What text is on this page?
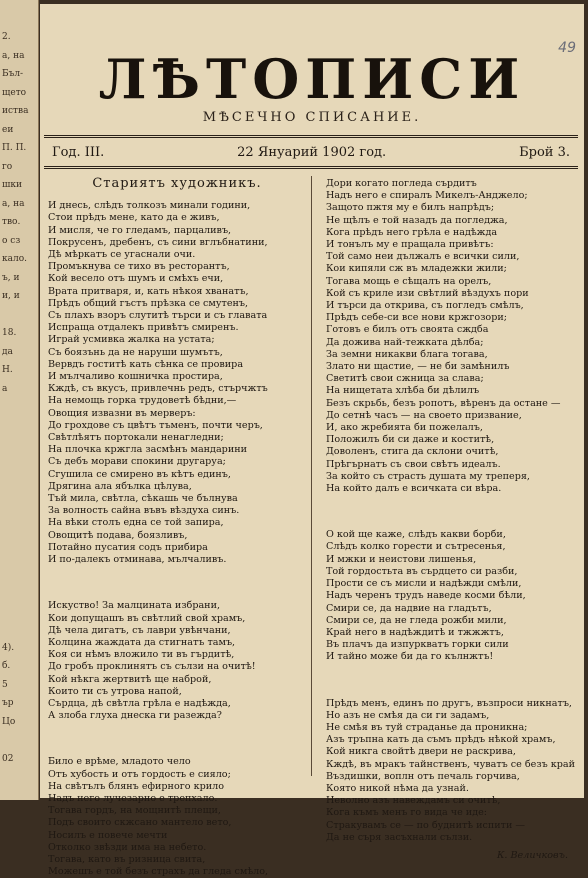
2.
а, на
Бъл-
щето
иства
еи
П. П.
го
шки
а, на
тво.
о сз
кало.
ъ, и
и, и
18.
да
Н.
а
4).
б.
5
ър
Цо
02
49
ЛѢТОПИСИ
МѢСЕЧНО СПИСАНИЕ.
Год. III.	22 Януарий 1902 год.	Брой 3.
Стариятъ художникъ.
И днесь, слѣдъ толкозъ минали години,
Стои прѣдъ мене, като да е живъ,
И мисля, че го гледамъ, парцаливъ,
Покрусенъ, дребенъ, съ сини вглъбнатини,
Дѣ мѣркатъ се угаснали очи.
Промъкнува се тихо въ ресторантъ,
Кой весело отъ шумъ и смѣхъ ечи,
Врата притваря, и, кать нѣкоя хванатъ,
Прѣдъ общий гъстъ прѣзка се смутенъ,
Съ плахъ взоръ слутитѣ търси и съ главата
Испраща отдалекъ привѣтъ смиренъ.
Играй усмивка жалка на устата;
Съ боязънь да не наруши шумътъ,
Вервдъ гоститѣ кать сѣнка се провира
И мълчаливо кошничка простира,
Кждѣ, съ вкусъ, привлечнь редъ, стърчжтъ
На немощь горка трудоветѣ бѣдни,—
Овощия извазни въ мерверъ:
До грохдове съ цвѣтъ тъменъ, почти черъ,
Свѣтлѣятъ портокали ненагледни;
На плочка кржгла засмѣнъ мандарини
Съ дебъ морави спокини другаруа;
Сгушила се смирено въ кѣтъ единъ,
Дрягина ала ябълка цѣлува,
Тъй мила, свѣтла, сѣкашь че бълнува
За волность сайна въвъ вѣздуха синъ.
На вѣки столъ една се той запира,
Овощитѣ подава, боязливъ,
Потайно пусатия содъ прибира
И по-далекъ отминава, мълчаливъ.
Искуство! За малцината избрани,
Кои допущашъ въ свѣтлий свой храмъ,
Дѣ чела дигатъ, съ лаври увѣнчани,
Колцина жаждата да стигнатъ тамъ,
Коя си нѣмъ вложило ти въ гърдитѣ,
До гробъ проклинятъ съ сълзи на очитѣ!
Кой нѣкга жертвитѣ ще наброй,
Които ти съ утрова напой,
Сърдца, дѣ свѣтла грѣла е надѣжда,
А злоба глуха днеска ги разежда?
Било е врѣме, младото чело
Отъ хубость и отъ гордость е сияло;
На свѣтълъ блянъ ефирного крило
Надъ него лучезарно е трепхало.
Тогава гордъ, на мощнитѣ плещи,
Подъ своито скжсано мантело вето,
Носилъ е повече мечти
Отколко звѣзди има на небето.
Тогава, като въ ризница свита,
Можешъ е той безъ страхъ да гледа смѣло,
Дори когато погледа сърдитъ
Надъ него е спиралъ Микелъ-Анджело;
Защото пжтя му е билъ напрѣдъ;
Не щѣлъ е той назадъ да погледжа,
Кога прѣдъ него грѣла е надѣжда
И тонълъ му е пращала привѣтъ:
Той само неи дължалъ е всички сили,
Кои кипяли сж въ младежки жили;
Тогава мощь е сѣщалъ на орелъ,
Кой съ криле изи свѣтлий вѣздухъ пори
И търси да открива, съ погледъ смѣлъ,
Прѣдъ себе-си все нови кржгозори;
Готовъ е билъ отъ своята сждба
Да дожива най-тежката дѣлба;
За земни никакви блага тогава,
Злато ни щастие, — не би замѣнилъ
Светитѣ свои сжница за слава;
На нищетата хлѣба би дѣлилъ
Безъ скрьбь, безъ ропотъ, вѣренъ да остане —
До сетнѣ часъ — на своето призвание,
И, ако жребията би пожелалъ,
Положилъ би си даже и коститѣ,
Доволенъ, стига да склони очитѣ,
Прѣгърнатъ съ свои свѣтъ идеалъ.
За който съ страсть душата му треперя,
На който далъ е всичката си вѣра.
О кой ще каже, слѣдъ какви борби,
Слѣдъ колко горести и сътресенья,
И мжки и неистови лишенья,
Той гордостьта въ сърдцето си разби,
Прости се съ мисли и надѣжди смѣли,
Надъ черенъ трудъ наведе косми бѣли,
Смири се, да надвие на гладътъ,
Смири се, да не гледа рожби мили,
Край него в надѣждитѣ и тжжжтъ,
Въ плачъ да изпуркватъ горки сили
И тайно може би да го кълнжтъ!
Прѣдъ менъ, единъ по другъ, възпроси никнатъ,
Но азъ не смѣя да си ги задамъ,
Не смѣя въ туй страданье да проникна;
Азъ тръпна кать да съмъ прѣдъ нѣкой храмъ,
Кой никга свойтѣ двери не раскрива,
Кждѣ, въ мракъ тайнственъ, чуватъ се безъ край
Въздишки, воплн отъ печаль горчива,
Която никой нѣма да узнай.
Неволно азъ навеждамъ си очитѣ,
Когa къмъ менъ го вида че иде:
Стракувамъ се — по буднитѣ испити —
Да не съря засъхнали сълзи.
К. Величковъ.
